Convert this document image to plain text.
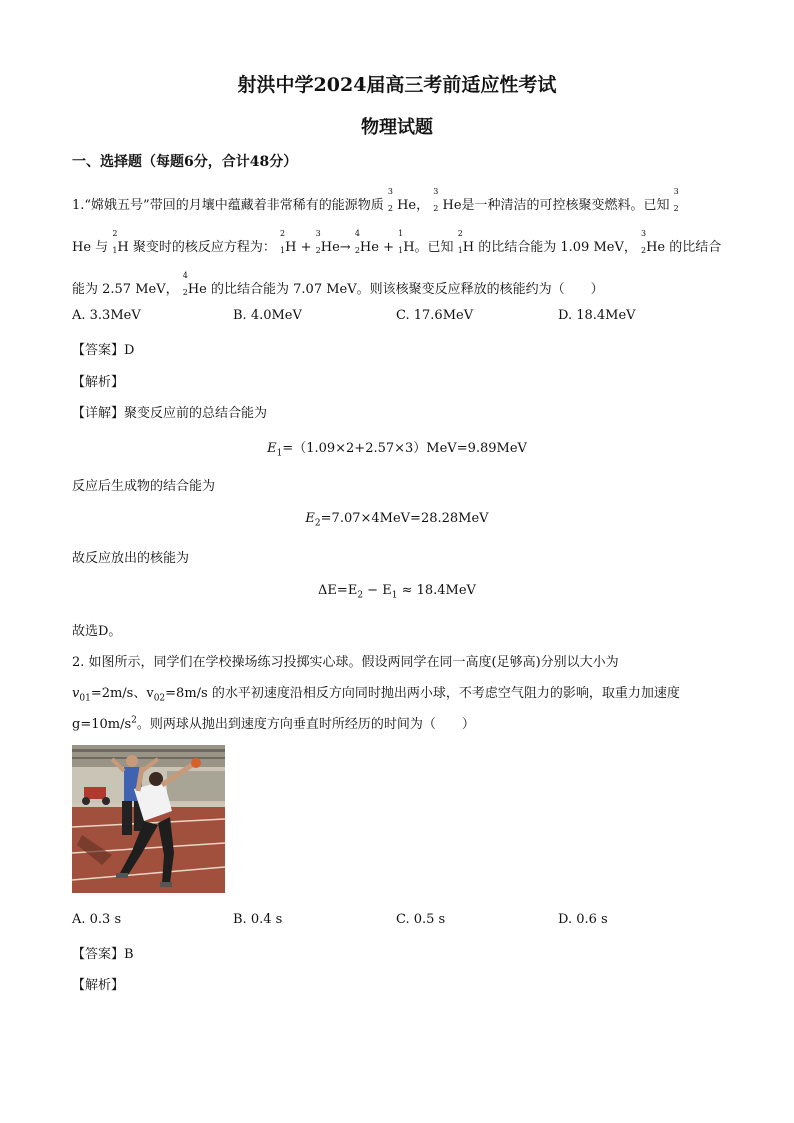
射洪中学2024届高三考前适应性考试
物理试题
一、选择题（每题6分，合计48分）
1.“嫦娥五号”带回的月壤中蕴藏着非常稀有的能源物质
3
2 He，
3
2 He是一种清洁的可控核聚变燃料。已知
3
2
He 与
2
1H 聚变时的核反应方程为：
2
1H +
3
2He→
4
2He +
1
1H。已知
2
1H 的比结合能为 1.09 MeV，
3
2He 的比结合
能为 2.57 MeV，
4
2He 的比结合能为 7.07 MeV。则该核聚变反应释放的核能约为（　　）
A. 3.3MeV	B. 4.0MeV	C. 17.6MeV	D. 18.4MeV
【答案】D
【解析】
【详解】聚变反应前的总结合能为
$E_1=(1.09\times 2+2.57\times 3)MeV=9.89MeV$
反应后生成物的结合能为
$E_2=7.07\times 4MeV=28.28MeV$
故反应放出的核能为
$\Delta E=E_2 - E_1 \approx 18.4MeV$
故选D。
2. 如图所示，同学们在学校操场练习投掷实心球。假设两同学在同一高度(足够高)分别以大小为
$v_{01}=2m/s$、$v_{02}=8m/s$ 的水平初速度沿相反方向同时抛出两小球，不考虑空气阻力的影响，取重力加速度
$g=10m/s^2$。则两球从抛出到速度方向垂直时所经历的时间为（　　）
A. 0.3 s	B. 0.4 s	C. 0.5 s	D. 0.6 s
【答案】B
【解析】
